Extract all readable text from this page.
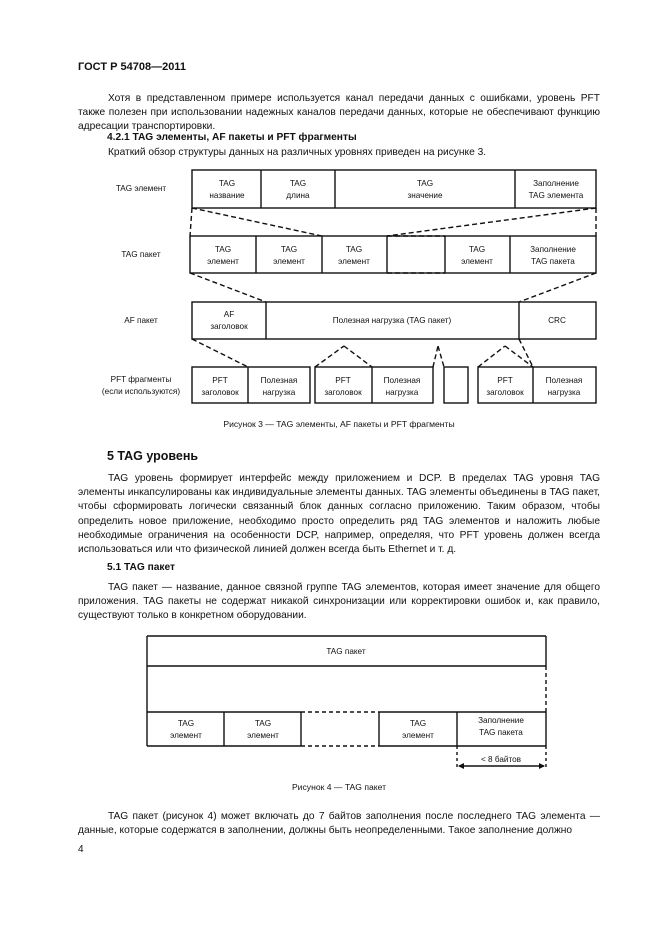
ГОСТ Р 54708—2011
Хотя в представленном примере используется канал передачи данных с ошибками, уровень PFT также полезен при использовании надежных каналов передачи данных, которые не обеспечивают функцию адресации транспортировки.
4.2.1 TAG элементы, AF пакеты и PFT фрагменты
Краткий обзор структуры данных на различных уровнях приведен на рисунке 3.
TAG элемент
TAG пакет
AF пакет
PFT фрагменты
(если используются)
TAG
название
TAG
длина
TAG
значение
Заполнение
TAG элемента
TAG
элемент
TAG
элемент
TAG
элемент
TAG
элемент
Заполнение
TAG пакета
AF
заголовок
Полезная нагрузка (TAG пакет)	CRC
PFT
заголовок
Полезная
нагрузка
PFT
заголовок
Полезная
нагрузка
PFT
заголовок
Полезная
нагрузка
Рисунок 3 — TAG элементы, AF пакеты и PFT фрагменты
5 TAG уровень
TAG уровень формирует интерфейс между приложением и DCP. В пределах TAG уровня TAG элементы инкапсулированы как индивидуальные элементы данных. TAG элементы объединены в TAG пакет, чтобы сформировать логически связанный блок данных согласно приложению. Таким образом, чтобы определить новое приложение, необходимо просто определить ряд TAG элементов и наложить любые необходимые ограничения на особенности DCP, например, определяя, что PFT уровень должен всегда использоваться или что физической линией должен всегда быть Ethernet и т. д.
5.1 TAG пакет
TAG пакет — название, данное связной группе TAG элементов, которая имеет значение для общего приложения. TAG пакеты не содержат никакой синхронизации или корректировки ошибок и, как правило, существуют только в конкретном оборудовании.
TAG пакет
TAG
элемент
TAG
элемент
TAG
элемент
Заполнение
TAG пакета
< 8 байтов
Рисунок 4 — TAG пакет
TAG пакет (рисунок 4) может включать до 7 байтов заполнения после последнего TAG элемента — данные, которые содержатся в заполнении, должны быть неопределенными. Такое заполнение должно
4
